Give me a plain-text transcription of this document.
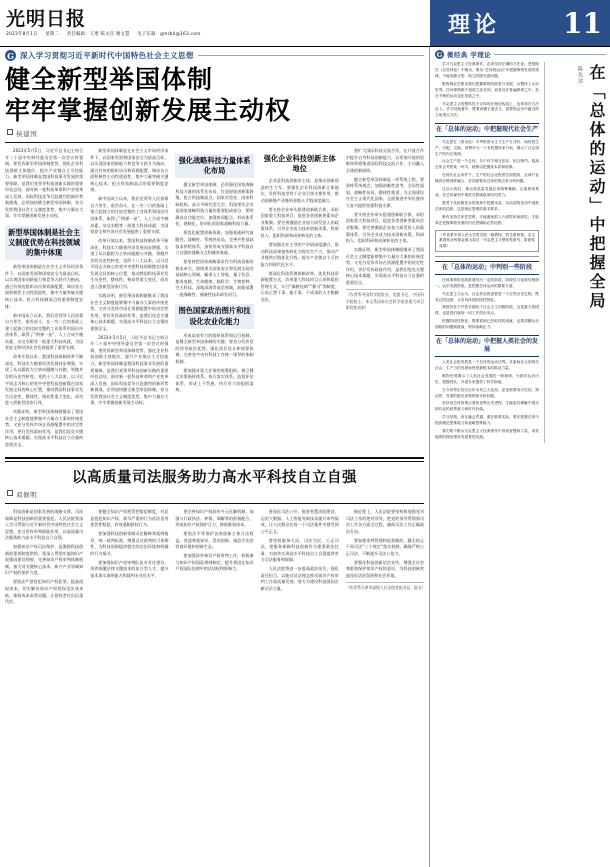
光明日报
2023年8月1日 星期二 责任编辑：王瑨 陈文宾 谢文慧 电子信箱：gmrbll@163.com	理论 11
G 深入学习贯彻习近平新时代中国特色社会主义思想
健全新型举国体制
牢牢掌握创新发展主动权
侯建国

2023年5月5日，习近平总书记主持召开二十届中央财经委员会第一次会议时强调，要发挥新型举国体制优势，强化企业科技创新主体地位，提升产业链自主可控能力。新型举国体制是我国科技事业发展的重要保障，是我们党领导科技创新实践的重要经验总结。面对新一轮科技革命和产业变革深入发展、国际科技竞争日趋激烈的新形势新挑战，必须加快健全新型举国体制，充分发挥我国社会主义制度优势，集中力量办大事，牢牢掌握创新发展主动权。

新型举国体制是社会主义制度优势在科技领域的集中体现

新型举国体制是在社会主义市场经济条件下，以国家发展和国家安全为最高目标，以实现国家创新能力和竞争力跃升为指向，通过有效的组织动员和资源配置，调动各方面积极性主动性创造性，集中力量突破关键核心技术、抢占科技制高点的重要制度安排。

新中国成立以来，我们党领导人民依靠自力更生、艰苦奋斗，在一穷二白的基础上建立起独立的比较完整的工业体系和国民经济体系，取得了“两弹一星”、人工合成牛胰岛素、杂交水稻等一批重大科技成就，为国家安全和经济社会发展提供了重要支撑。

改革开放以来，我国科技体制改革不断深化，科技实力随着经济发展同步增强，实现了从以跟踪为主转向跟跑与并跑、领跑并存的历史性转变。党的十八大以来，以习近平同志为核心的党中央把科技创新摆在国家发展全局的核心位置，推动我国科技事业发生历史性、整体性、格局性重大变化，成功进入创新型国家行列。

实践证明，新型举国体制既继承了我国社会主义制度能够集中力量办大事的传统优势，又充分发挥市场在资源配置中的决定性作用，更好发挥政府作用，是我们攻克关键核心技术难题、实现高水平科技自立自强的重要法宝。

新型举国体制是在社会主义市场经济条件下，以国家发展和国家安全为最高目标，以实现国家创新能力和竞争力跃升为指向，通过有效的组织动员和资源配置，调动各方面积极性主动性创造性，集中力量突破关键核心技术、抢占科技制高点的重要制度安排。

新中国成立以来，我们党领导人民依靠自力更生、艰苦奋斗，在一穷二白的基础上建立起独立的比较完整的工业体系和国民经济体系，取得了“两弹一星”、人工合成牛胰岛素、杂交水稻等一批重大科技成就，为国家安全和经济社会发展提供了重要支撑。

改革开放以来，我国科技体制改革不断深化，科技实力随着经济发展同步增强，实现了从以跟踪为主转向跟跑与并跑、领跑并存的历史性转变。党的十八大以来，以习近平同志为核心的党中央把科技创新摆在国家发展全局的核心位置，推动我国科技事业发生历史性、整体性、格局性重大变化，成功进入创新型国家行列。

实践证明，新型举国体制既继承了我国社会主义制度能够集中力量办大事的传统优势，又充分发挥市场在资源配置中的决定性作用，更好发挥政府作用，是我们攻克关键核心技术难题、实现高水平科技自立自强的重要法宝。

2023年5月5日，习近平总书记主持召开二十届中央财经委员会第一次会议时强调，要发挥新型举国体制优势，强化企业科技创新主体地位，提升产业链自主可控能力。新型举国体制是我国科技事业发展的重要保障，是我们党领导科技创新实践的重要经验总结。面对新一轮科技革命和产业变革深入发展、国际科技竞争日趋激烈的新形势新挑战，必须加快健全新型举国体制，充分发挥我国社会主义制度优势，集中力量办大事，牢牢掌握创新发展主动权。

强化战略科技力量体系化布局

健全新型举国体制，必须强化国家战略科技力量的体系化布局，打造原始创新策源地，抢占科技制高点。国家实验室、国家科研机构、高水平研究型大学、科技领军企业是国家战略科技力量的重要组成部分，要明确各自功能定位，加强协同配合，形成体系化、建制化、协同化的国家战略科技力量。

要优化配置创新资源，加强基础研究前瞻性、战略性、系统性布局，完善共性基础技术供给体系，加快形成支撑高水平科技自立自强的战略支点和雄厚基础。

要坚持把国家战略需求作为科技创新的根本牵引，围绕事关国家安全和发展全局的基础核心领域，瞄准人工智能、量子信息、集成电路、生命健康、脑科学、生物育种、空天科技、深地深海等前沿领域，前瞻部署一批战略性、储备性技术研发项目。

图色国家政治图片和技设化农业化能力

形成高效有力的组织体系和运行机制，是健全新型举国体制的关键。要充分发挥党的领导政治优势，强化顶层设计和统筹协调，完善党中央对科技工作统一领导的体制机制。

要加强对重大任务的统筹组织，建立健全决策指挥体系、执行落实体系、监督评估体系，形成上下贯通、执行有力的组织架构。

强化企业科技创新主体地位

企业是科技创新的主体，是推动创新创造的生力军。要强化企业科技创新主体地位，发挥科技型骨干企业引领支撑作用，推动创新链产业链资金链人才链深度融合。

要支持企业牵头组建创新联合体，承担国家重大科技项目，促进各类创新要素向企业集聚。要完善激励企业加大研发投入的政策体系，引导企业成为技术创新决策、科研投入、组织科研和成果转化的主体。

要加强企业主导的产学研深度融合，推动科技成果加快转化为现实生产力，推动产业链供应链优化升级，提升产业链自主可控能力和现代化水平。

要深化科技管理体制改革，优化科技资源配置方式，改革重大科技项目立项和组织管理方式，实行“揭榜挂帅”“赛马”等制度，让真正想干事、能干事、干成事的人才脱颖而出。

要扩大国际科技交流合作，在开放合作中提升自身科技创新能力，以更加开放的思维和举措推进国际科技交流合作，主动融入全球创新网络。

健全新型举国体制是一项系统工程，要坚持系统观念，加强前瞻性思考、全局性谋划、战略性布局、整体性推进，为全面建设社会主义现代化国家、全面推进中华民族伟大复兴提供坚强科技支撑。

要支持企业牵头组建创新联合体，承担国家重大科技项目，促进各类创新要素向企业集聚。要完善激励企业加大研发投入的政策体系，引导企业成为技术创新决策、科研投入、组织科研和成果转化的主体。

实践证明，新型举国体制既继承了我国社会主义制度能够集中力量办大事的传统优势，又充分发挥市场在资源配置中的决定性作用，更好发挥政府作用，是我们攻克关键核心技术难题、实现高水平科技自立自强的重要法宝。

（作者系中国科学院院长、党组书记，中国科学院院士；本文系国家社会科学基金重大项目阶段性成果）
以高质量司法服务助力高水平科技自立自强
邓修明

科技创新是国家发展的战略支撑，司法保障是科技创新的重要依托。人民法院要深入学习贯彻习近平新时代中国特色社会主义思想，充分发挥审判职能作用，以高质量司法服务助力高水平科技自立自强。

加强知识产权司法保护，是激励科技创新的重要制度供给。要深入贯彻实施知识产权强国建设纲要，完善知识产权审判体制机制，加大对关键核心技术、新兴产业领域知识产权的保护力度。

要依法严惩侵犯知识产权犯罪，提高侵权成本，切实解决知识产权侵权违法成本低、维权成本高等问题，让侵权者付出沉重代价。

要健全知识产权惩罚性赔偿制度，对恶意侵犯知识产权、情节严重的行为依法适用惩罚性赔偿，有效遏制侵权行为。

要加强科技创新领域司法解释和案例指导，统一裁判标准，增强司法裁判的可预期性，为科技创新提供稳定的法治环境和明确的行为指引。

要加强知识产权审判队伍专业化建设，培养既懂法律又懂技术的复合型人才，提升技术事实查明能力和裁判专业化水平。

要完善知识产权纠纷多元化解机制，加强与行政执法、仲裁、调解等的衔接配合，形成知识产权保护合力，降低维权成本。

要依法平等保护各类创新主体合法权益，营造尊重知识、崇尚创新、诚信守法的营商环境和创新生态。

要加强涉外知识产权审判工作，积极参与知识产权国际规则制定，提升我国在知识产权国际治理中的话语权和影响力。

要深化司法公开，推进智慧法院建设，运用大数据、人工智能等新技术提升审判质效，让人民群众在每一个司法案件中感受到公平正义。

要坚持服务大局、司法为民、公正司法，把服务保障科技创新作为重要政治任务，为加快实现高水平科技自立自强提供有力司法服务和保障。

人民法院将进一步提高政治站位，强化责任担当，以能动司法理念推动知识产权审判工作高质量发展，努力为建设科技强国贡献司法力量。

新征程上，人民法院要坚持和加强党对司法工作的绝对领导，把党的领导贯彻到司法工作各方面全过程，确保司法工作正确政治方向。

要加强审判管理和监督制约，健全防止干预司法“三个规定”落实机制，确保严格公正司法，不断提升司法公信力。

要强化科技创新法治宣传，增强全社会尊重和保护知识产权的意识，为科技创新营造良好法治氛围和社会环境。

（作者系天津市高级人民法院党组书记、院长）
G 微经典 学理论

学习马克思主义经典著作，必须坚持正确的方法论。恩格斯在《反杜林论》中指出，要从“总体的运动”中把握事物发展的规律，不能用静止的、孤立的眼光看问题。

唯物辩证法要求我们把握事物的联系与发展，从整体上认识世界。任何事物都不是孤立存在的，而是处在普遍联系之中，处在不断的运动变化发展之中。

马克思主义的整体性不仅体现在理论构成上，也体现在方法论上。学习经典著作，既要读懂字面含义，更要领会其中蕴含的立场观点方法。

在「总体的运动」中把握现代社会生产

马克思在《资本论》中考察资本主义生产方式时，始终把生产、分配、交换、消费作为一个有机整体来分析，揭示了社会再生产的内在规律。

社会生产是一个总体，各个环节相互依存、相互制约。脱离总体去考察某一环节，就难以把握其本质和规律。

在现代社会条件下，生产的社会化程度空前提高，全球产业链供应链深度融合，更加需要用总体的观点来分析问题。

这启示我们，推动高质量发展必须统筹兼顾，注重系统集成，在总体谋划中推进各领域改革协同发力。

要善于从纷繁复杂的现象中把握本质，从局部的变动中洞察总体的趋势，这是辩证思维的基本要求。

唯有坚持总体性思维，才能避免陷入片面性和表面性，才能真正把握事物发展的内在逻辑和必然趋势。

（作者系中国人民大学哲学院一级教授、哲学系教授。本文系国家社科基金重大项目「马克思主义整体性研究」阶段性成果）
在「总体的运动」中判别一些阶段

任何事物的发展都要经历一定的阶段，阶段性与连续性相统一。认识发展阶段，是把握总体运动的重要方面。

马克思主义认为，社会形态的更替是一个自然历史过程，既有总的趋势，又有具体的阶段性特征。

我国仍处于并将长期处于社会主义初级阶段，这是最大的国情，也是我们谋划一切工作的出发点。

把握阶段性特征，既要看到已经取得的成就，也要清醒认识面临的问题和挑战，保持战略定力。

在「总体的运动」中把握人类社会的发展

人类社会的发展是一个总体的运动过程。从原始社会到现代社会，生产力的发展始终是最根本的推动力量。

唯物史观揭示了人类社会发展的一般规律，为我们认识历史、把握现实、开创未来提供了科学指南。

当今世界正经历百年未有之大变局，更加需要用历史的、辩证的、发展的眼光来观察和分析问题。

坚持用总体的观点看待世界历史进程，才能更好理解中国式现代化的世界意义和时代价值。

学习经典，贵在融会贯通，重在联系实际，要在把握总体中提高理论思维能力和战略思维能力。

我们要不断从马克思主义经典著作中汲取智慧和力量，用发展着的理论指导发展着的实践。

在「总体的运动」中把握全局
陈先达
